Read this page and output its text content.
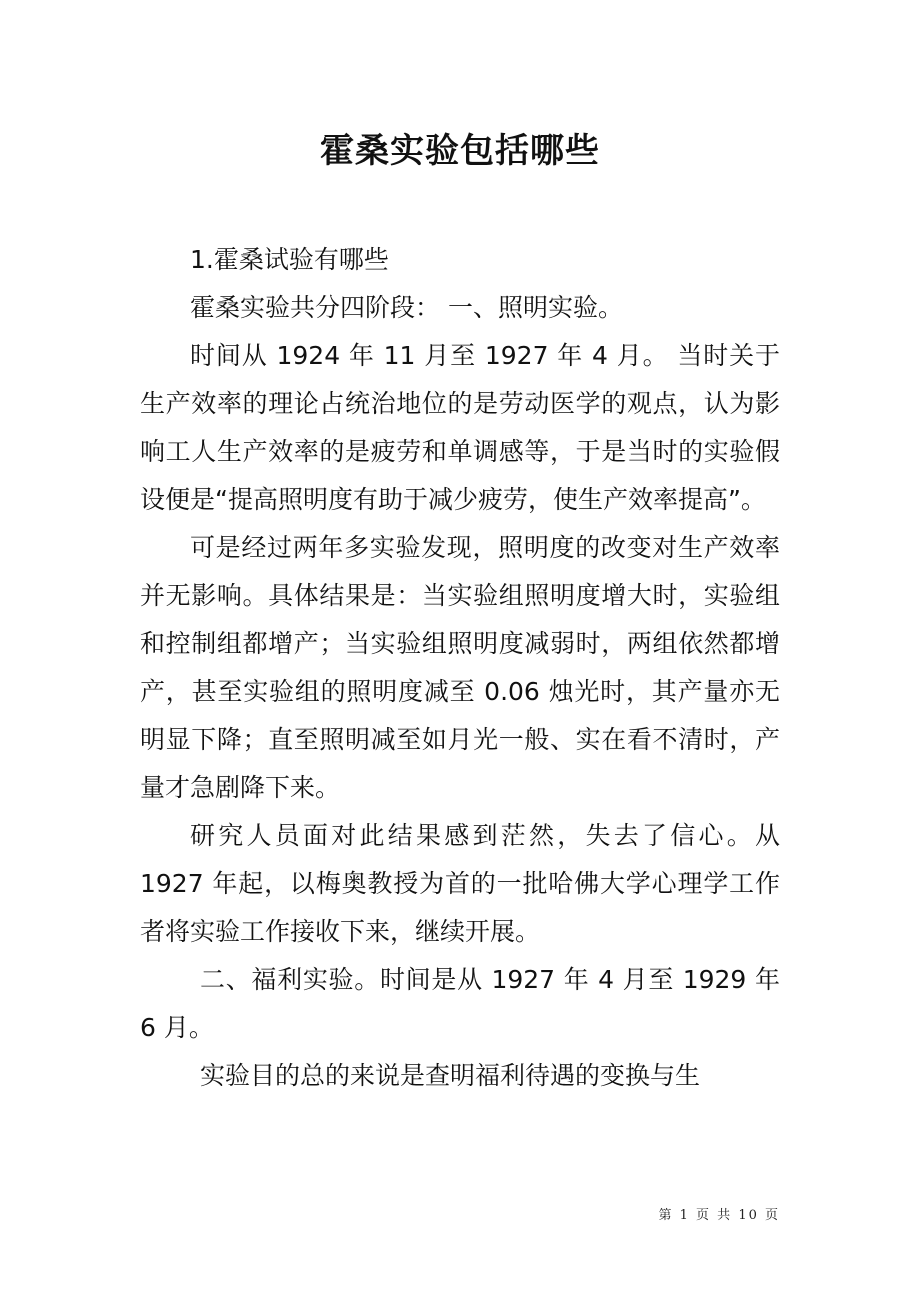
霍桑实验包括哪些

1.霍桑试验有哪些

霍桑实验共分四阶段： 一、照明实验。

时间从 1924 年 11 月至 1927 年 4 月。 当时关于生产效率的理论占统治地位的是劳动医学的观点，认为影响工人生产效率的是疲劳和单调感等，于是当时的实验假设便是“提高照明度有助于减少疲劳，使生产效率提高”。

可是经过两年多实验发现，照明度的改变对生产效率并无影响。具体结果是：当实验组照明度增大时，实验组和控制组都增产；当实验组照明度减弱时，两组依然都增产，甚至实验组的照明度减至 0.06 烛光时，其产量亦无明显下降；直至照明减至如月光一般、实在看不清时，产量才急剧降下来。

研究人员面对此结果感到茫然，失去了信心。从 1927 年起，以梅奥教授为首的一批哈佛大学心理学工作者将实验工作接收下来，继续开展。

二、福利实验。时间是从 1927 年 4 月至 1929 年 6 月。

实验目的总的来说是查明福利待遇的变换与生

第 1 页 共 10 页
